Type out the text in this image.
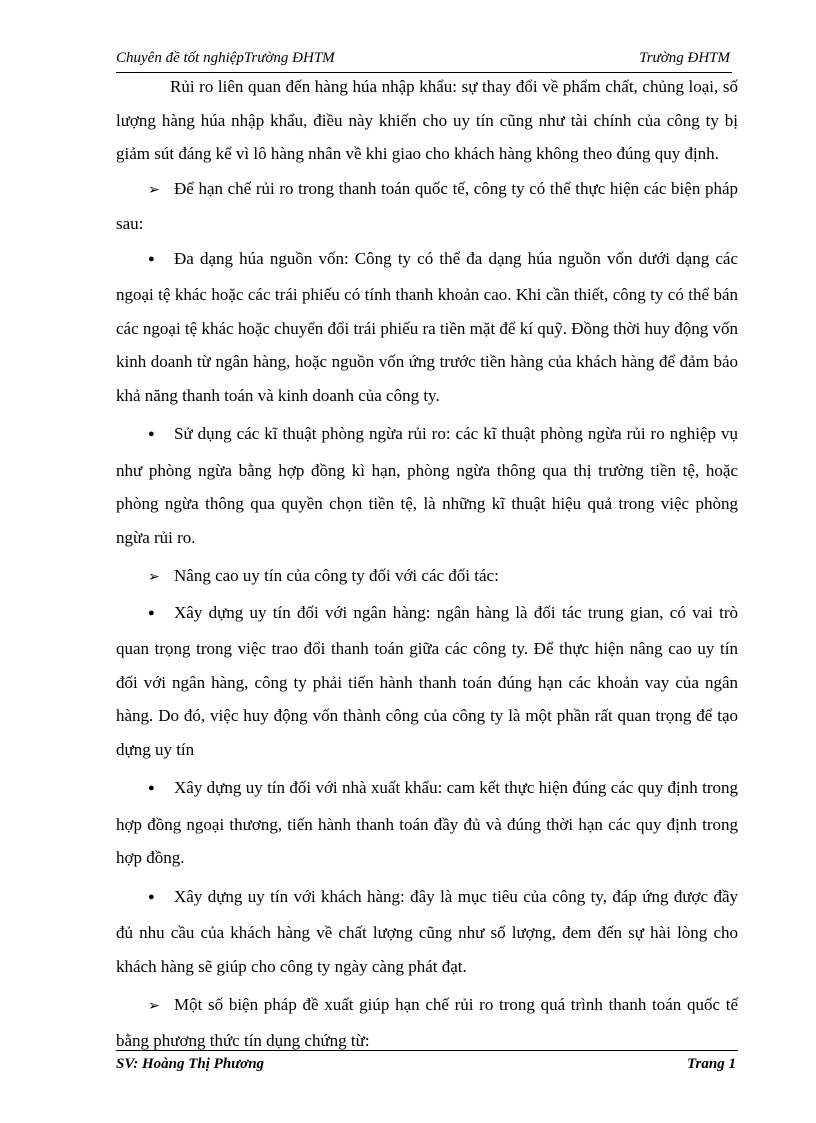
Chuyên đề tốt nghiệpTrường ĐHTM	Trường ĐHTM

Rủi ro liên quan đến hàng húa nhập khẩu: sự thay đổi về phẩm chất, chủng loại, số lượng hàng húa nhập khẩu, điều này khiến cho uy tín cũng như tài chính của công ty bị giảm sút đáng kể vì lô hàng nhân về khi giao cho khách hàng không theo đúng quy định.

➢ Để hạn chế rủi ro trong thanh toán quốc tế, công ty có thể thực hiện các biện pháp sau:

● Đa dạng húa nguồn vốn: Công ty có thể đa dạng húa nguồn vốn dưới dạng các ngoại tệ khác hoặc các trái phiếu có tính thanh khoản cao. Khi cần thiết, công ty có thể bán các ngoại tệ khác hoặc chuyển đổi trái phiếu ra tiền mặt để kí quỹ. Đồng thời huy động vốn kinh doanh từ ngân hàng, hoặc nguồn vốn ứng trước tiền hàng của khách hàng để đảm bảo khả năng thanh toán và kinh doanh của công ty.

● Sử dụng các kĩ thuật phòng ngừa rủi ro: các kĩ thuật phòng ngừa rủi ro nghiệp vụ như phòng ngừa bằng hợp đồng kì hạn, phòng ngừa thông qua thị trường tiền tệ, hoặc phòng ngừa thông qua quyền chọn tiền tệ, là những kĩ thuật hiệu quả trong việc phòng ngừa rủi ro.

➢ Nâng cao uy tín của công ty đối với các đối tác:

● Xây dựng uy tín đối với ngân hàng: ngân hàng là đối tác trung gian, có vai trò quan trọng trong việc trao đổi thanh toán giữa các công ty. Để thực hiện nâng cao uy tín đối với ngân hàng, công ty phải tiến hành thanh toán đúng hạn các khoản vay của ngân hàng. Do đó, việc huy động vốn thành công của công ty là một phần rất quan trọng để tạo dựng uy tín

● Xây dựng uy tín đối với nhà xuất khẩu: cam kết thực hiện đúng các quy định trong hợp đồng ngoại thương, tiến hành thanh toán đầy đủ và đúng thời hạn các quy định trong hợp đồng.

● Xây dựng uy tín với khách hàng: đây là mục tiêu của công ty, đáp ứng được đầy đủ nhu cầu của khách hàng về chất lượng cũng như số lượng, đem đến sự hài lòng cho khách hàng sẽ giúp cho công ty ngày càng phát đạt.

➢ Một số biện pháp đề xuất giúp hạn chế rủi ro trong quá trình thanh toán quốc tế bằng phương thức tín dụng chứng từ:

SV: Hoàng Thị Phương	Trang 1
